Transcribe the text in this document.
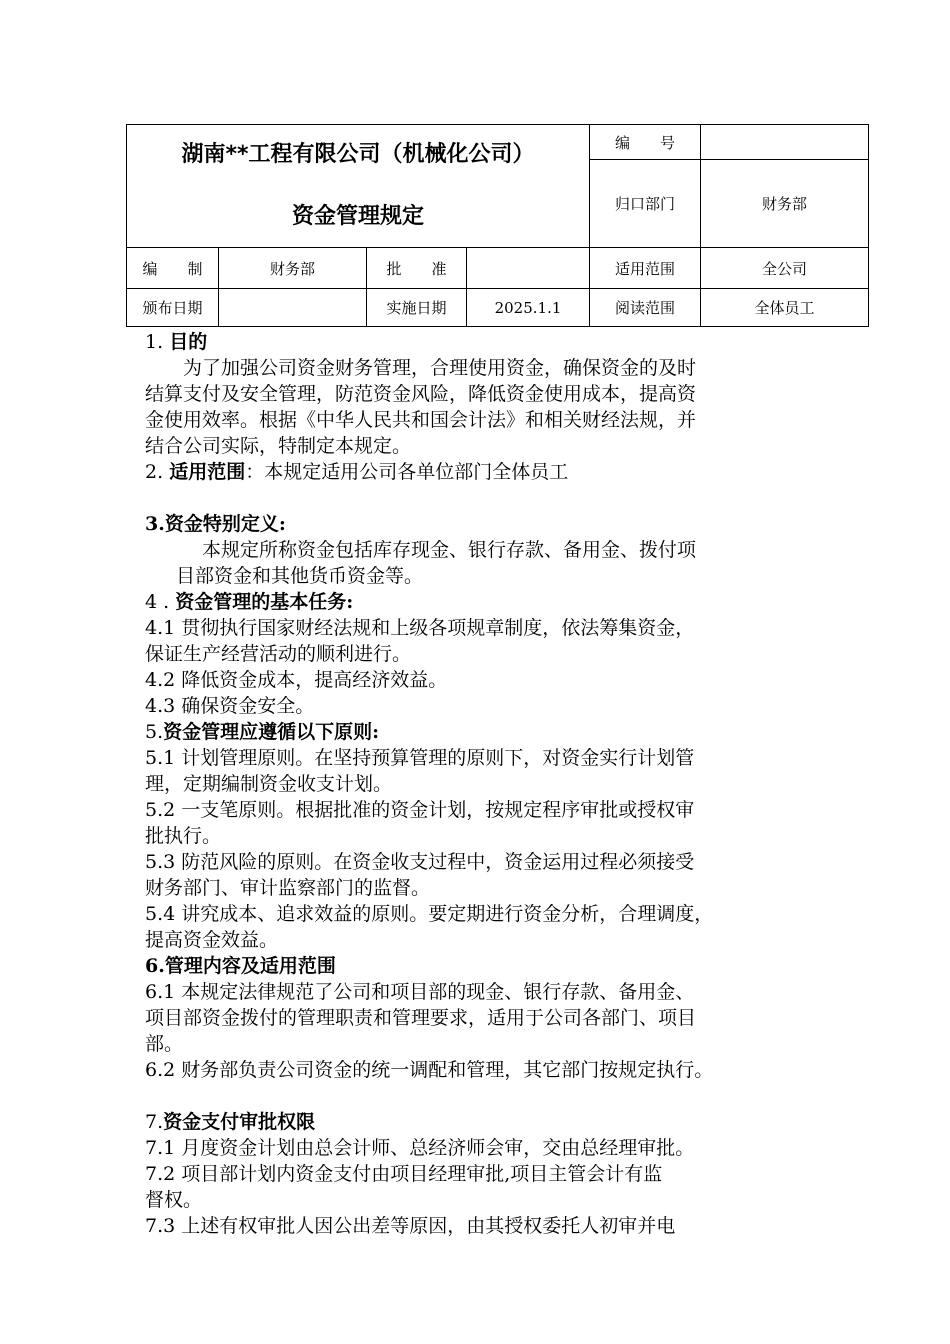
湖南**工程有限公司（机械化公司）
资金管理规定				编　　号	
				归口部门	财务部
编　　制	财务部	批　　准		适用范围	全公司
颁布日期		实施日期	2025.1.1	阅读范围	全体员工

1. 目的

为了加强公司资金财务管理，合理使用资金，确保资金的及时

结算支付及安全管理，防范资金风险，降低资金使用成本，提高资

金使用效率。根据《中华人民共和国会计法》和相关财经法规，并

结合公司实际，特制定本规定。

2. 适用范围：本规定适用公司各单位部门全体员工

3.资金特别定义:

本规定所称资金包括库存现金、银行存款、备用金、拨付项

目部资金和其他货币资金等。

4 . 资金管理的基本任务:

4.1 贯彻执行国家财经法规和上级各项规章制度，依法筹集资金，

保证生产经营活动的顺利进行。

4.2 降低资金成本，提高经济效益。

4.3 确保资金安全。

5.资金管理应遵循以下原则:

5.1 计划管理原则。在坚持预算管理的原则下，对资金实行计划管

理，定期编制资金收支计划。

5.2 一支笔原则。根据批准的资金计划，按规定程序审批或授权审

批执行。

5.3 防范风险的原则。在资金收支过程中，资金运用过程必须接受

财务部门、审计监察部门的监督。

5.4 讲究成本、追求效益的原则。要定期进行资金分析，合理调度，

提高资金效益。

6.管理内容及适用范围

6.1 本规定法律规范了公司和项目部的现金、银行存款、备用金、

项目部资金拨付的管理职责和管理要求，适用于公司各部门、项目

部。

6.2 财务部负责公司资金的统一调配和管理，其它部门按规定执行。

7.资金支付审批权限

7.1 月度资金计划由总会计师、总经济师会审，交由总经理审批。

7.2 项目部计划内资金支付由项目经理审批,项目主管会计有监

督权。

7.3 上述有权审批人因公出差等原因，由其授权委托人初审并电
